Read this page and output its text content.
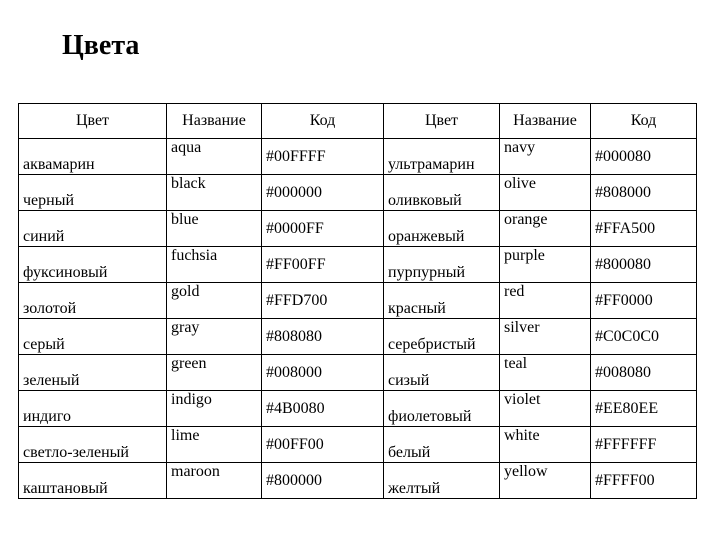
Цвета
Цвет	Название	Код	Цвет	Название	Код
аквамарин	aqua	#00FFFF	ультрамарин	navy	#000080
черный	black	#000000	оливковый	olive	#808000
синий	blue	#0000FF	оранжевый	orange	#FFA500
фуксиновый	fuchsia	#FF00FF	пурпурный	purple	#800080
золотой	gold	#FFD700	красный	red	#FF0000
серый	gray	#808080	серебристый	silver	#C0C0C0
зеленый	green	#008000	сизый	teal	#008080
индиго	indigo	#4B0080	фиолетовый	violet	#EE80EE
светло-зеленый	lime	#00FF00	белый	white	#FFFFFF
каштановый	maroon	#800000	желтый	yellow	#FFFF00
